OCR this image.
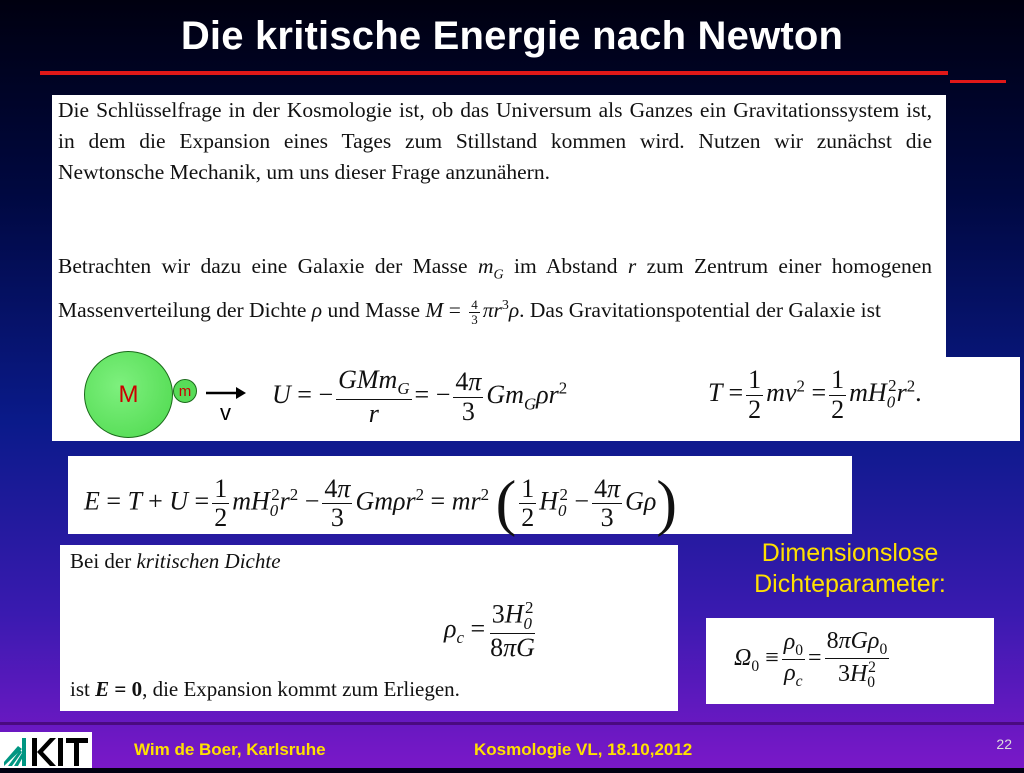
Die kritische Energie nach Newton
Die Schlüsselfrage in der Kosmologie ist, ob das Universum als Ganzes ein Gravitationssystem ist, in dem die Expansion eines Tages zum Stillstand kommen wird. Nutzen wir zunächst die Newtonsche Mechanik, um uns dieser Frage anzunähern.
Betrachten wir dazu eine Galaxie der Masse $m_G$ im Abstand r zum Zentrum einer homogenen Massenverteilung der Dichte ρ und Masse $M = \frac{4}{3} \pi r^3\rho$. Das Gravitationspotential der Galaxie ist
M	m
v
U = − $\frac{GMm_G}{r}$ = − $\frac{4\pi}{3} Gm_G\rho r^2$	$T = \frac{1}{2} mv^2 = \frac{1}{2} mH_0^2r^2$.
$E = T + U = \frac{1}{2} mH_0^2r^2 - \frac{4\pi}{3} Gm\rho r^2 = mr^2$ ( $\frac{1}{2} H_0^2 - \frac{4\pi}{3} G\rho$)
Bei der kritischen Dichte
$\rho_c = \frac{3H_0^2}{8\pi G}$
ist E = 0, die Expansion kommt zum Erliegen.
Dimensionslose
Dichteparameter:
$\Omega_0 \equiv \frac{\rho_0}{\rho_c} = \frac{8\pi G\rho_0}{3H_0^2}$
Wim de Boer, Karlsruhe	Kosmologie VL, 18.10,2012	22
